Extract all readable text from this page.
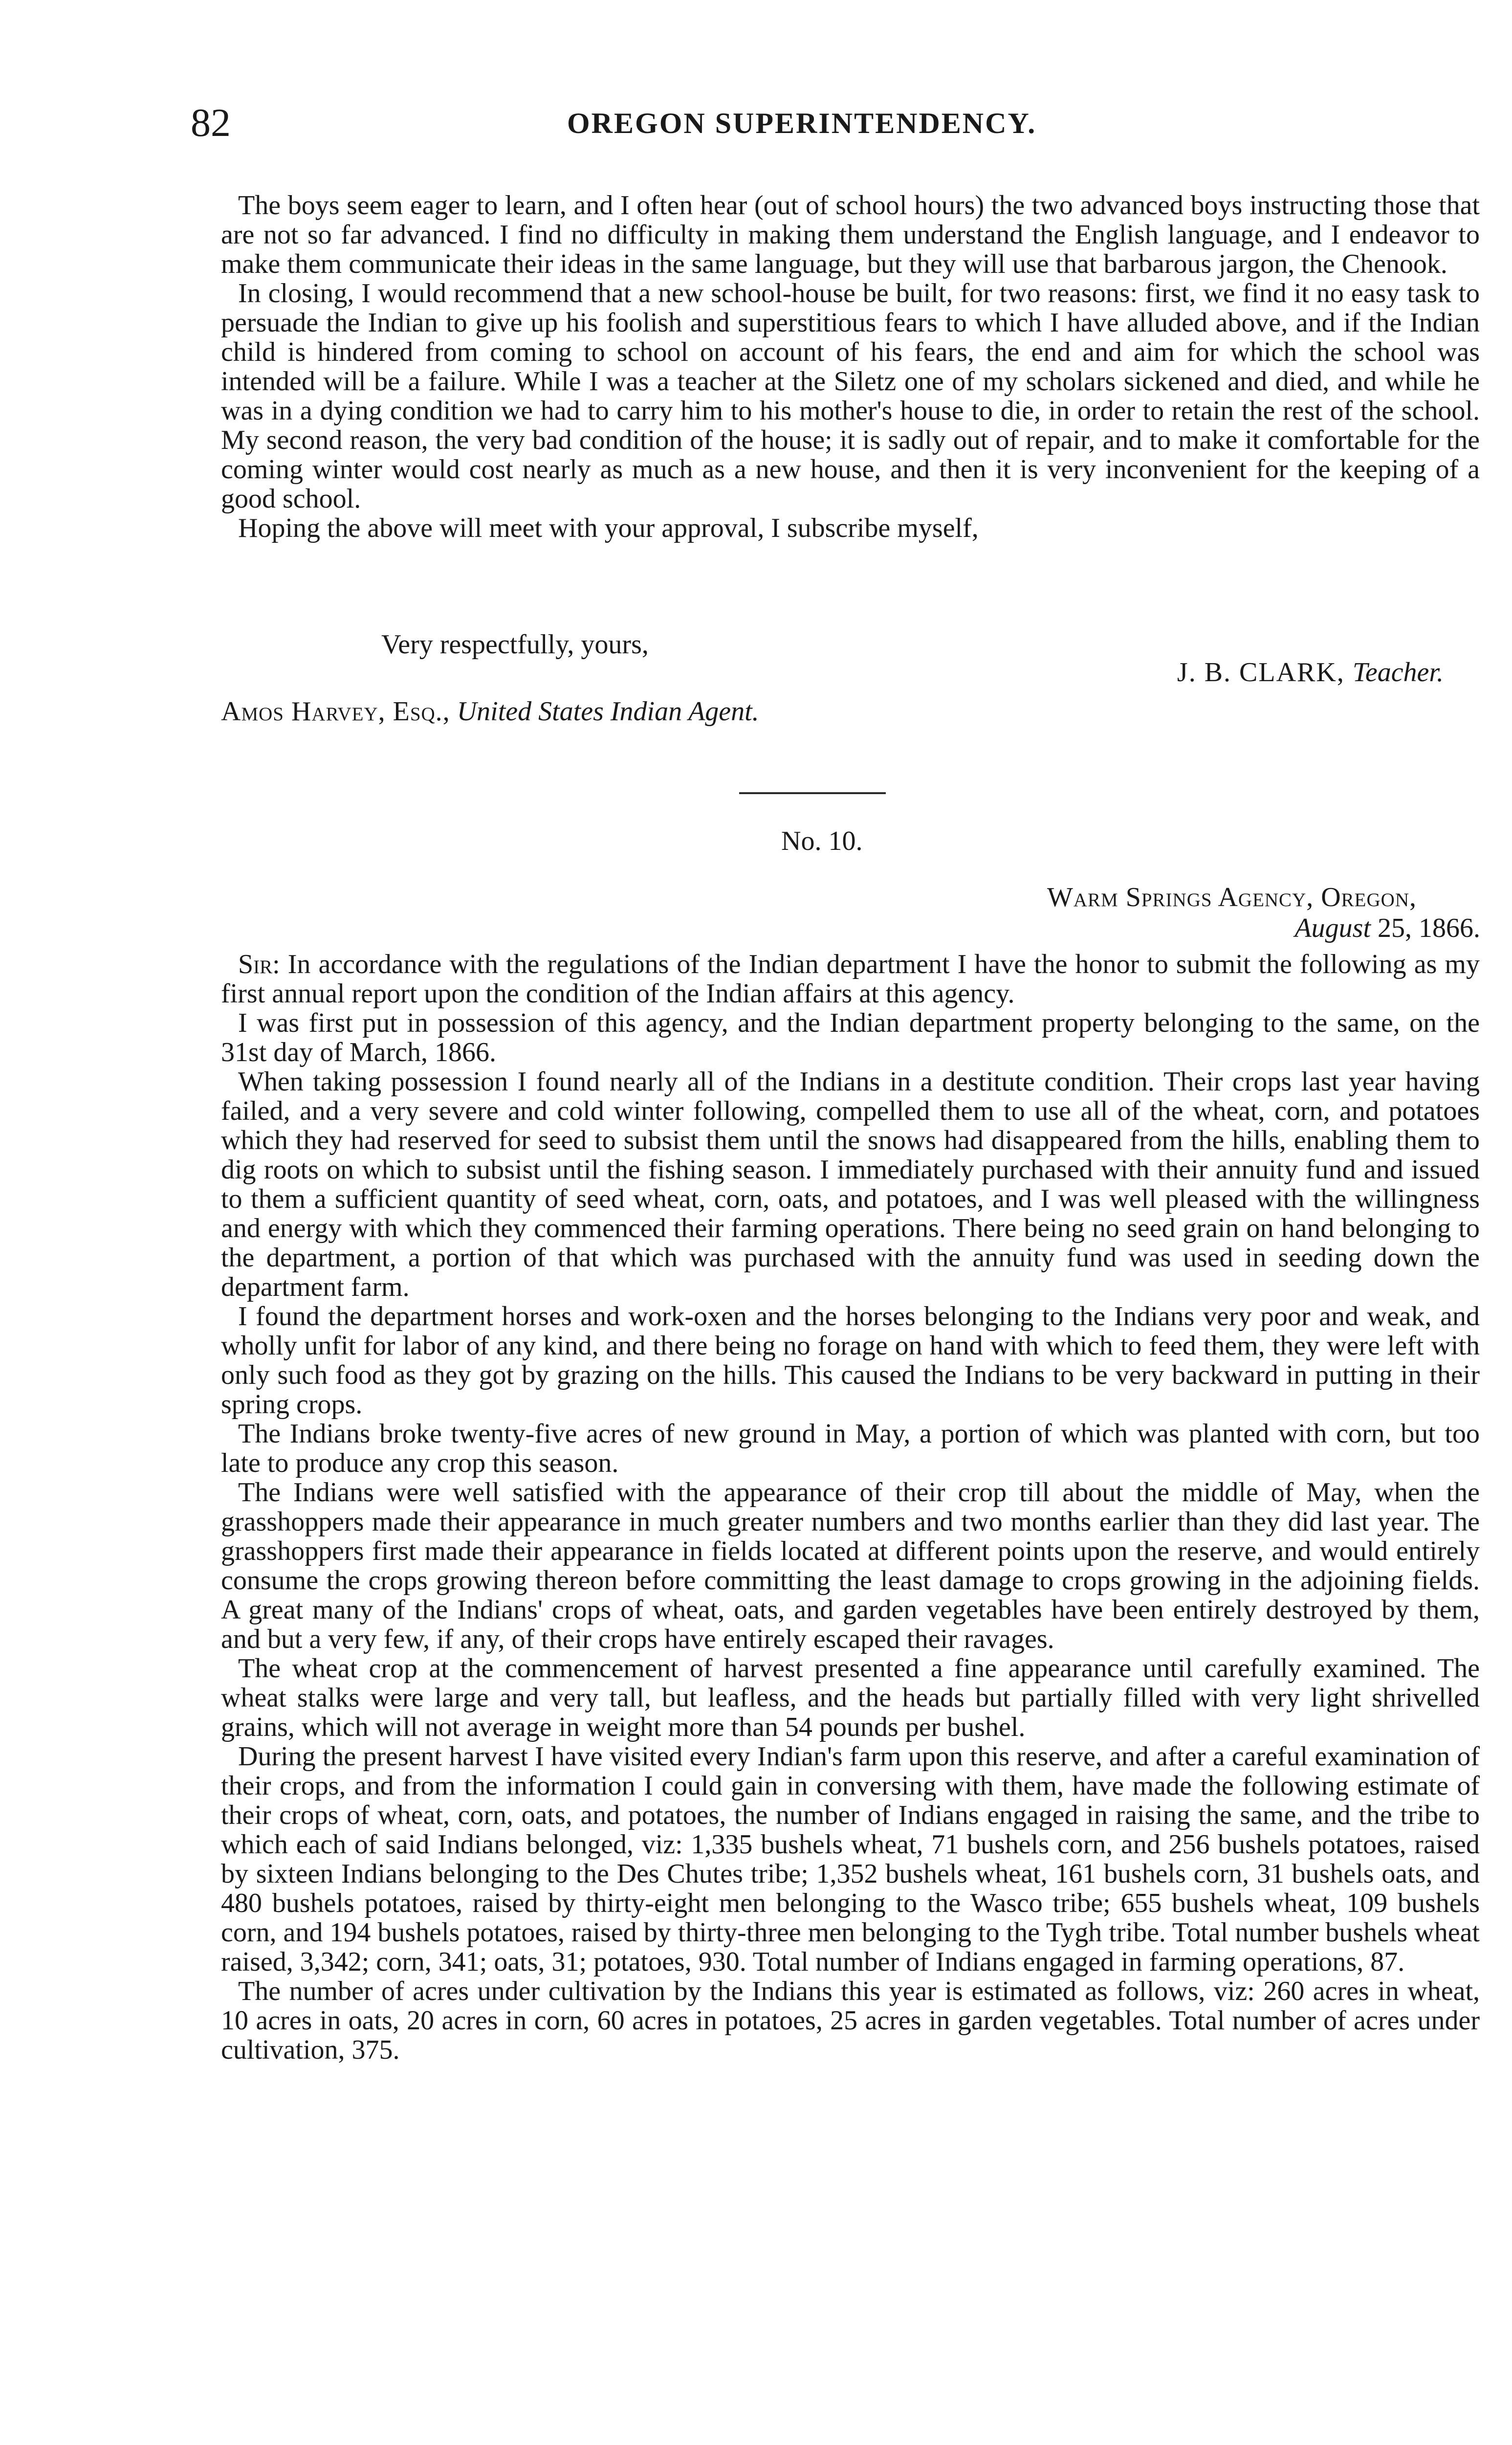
82	OREGON SUPERINTENDENCY.

The boys seem eager to learn, and I often hear (out of school hours) the two advanced boys instructing those that are not so far advanced. I find no difficulty in making them understand the English language, and I endeavor to make them communicate their ideas in the same language, but they will use that barbarous jargon, the Chenook.

In closing, I would recommend that a new school-house be built, for two reasons: first, we find it no easy task to persuade the Indian to give up his foolish and superstitious fears to which I have alluded above, and if the Indian child is hindered from coming to school on account of his fears, the end and aim for which the school was intended will be a failure. While I was a teacher at the Siletz one of my scholars sickened and died, and while he was in a dying condition we had to carry him to his mother's house to die, in order to retain the rest of the school. My second reason, the very bad condition of the house; it is sadly out of repair, and to make it comfortable for the coming winter would cost nearly as much as a new house, and then it is very inconvenient for the keeping of a good school.

Hoping the above will meet with your approval, I subscribe myself,

Very respectfully, yours,
J. B. CLARK, Teacher.
Amos Harvey, Esq., United States Indian Agent.
No. 10.
Warm Springs Agency, Oregon,
August 25, 1866.

Sir: In accordance with the regulations of the Indian department I have the honor to submit the following as my first annual report upon the condition of the Indian affairs at this agency.

I was first put in possession of this agency, and the Indian department property belonging to the same, on the 31st day of March, 1866.

When taking possession I found nearly all of the Indians in a destitute condition. Their crops last year having failed, and a very severe and cold winter following, compelled them to use all of the wheat, corn, and potatoes which they had reserved for seed to subsist them until the snows had disappeared from the hills, enabling them to dig roots on which to subsist until the fishing season. I immediately purchased with their annuity fund and issued to them a sufficient quantity of seed wheat, corn, oats, and potatoes, and I was well pleased with the willingness and energy with which they commenced their farming operations. There being no seed grain on hand belonging to the department, a portion of that which was purchased with the annuity fund was used in seeding down the department farm.

I found the department horses and work-oxen and the horses belonging to the Indians very poor and weak, and wholly unfit for labor of any kind, and there being no forage on hand with which to feed them, they were left with only such food as they got by grazing on the hills. This caused the Indians to be very backward in putting in their spring crops.

The Indians broke twenty-five acres of new ground in May, a portion of which was planted with corn, but too late to produce any crop this season.

The Indians were well satisfied with the appearance of their crop till about the middle of May, when the grasshoppers made their appearance in much greater numbers and two months earlier than they did last year. The grasshoppers first made their appearance in fields located at different points upon the reserve, and would entirely consume the crops growing thereon before committing the least damage to crops growing in the adjoining fields. A great many of the Indians' crops of wheat, oats, and garden vegetables have been entirely destroyed by them, and but a very few, if any, of their crops have entirely escaped their ravages.

The wheat crop at the commencement of harvest presented a fine appearance until carefully examined. The wheat stalks were large and very tall, but leafless, and the heads but partially filled with very light shrivelled grains, which will not average in weight more than 54 pounds per bushel.

During the present harvest I have visited every Indian's farm upon this reserve, and after a careful examination of their crops, and from the information I could gain in conversing with them, have made the following estimate of their crops of wheat, corn, oats, and potatoes, the number of Indians engaged in raising the same, and the tribe to which each of said Indians belonged, viz: 1,335 bushels wheat, 71 bushels corn, and 256 bushels potatoes, raised by sixteen Indians belonging to the Des Chutes tribe; 1,352 bushels wheat, 161 bushels corn, 31 bushels oats, and 480 bushels potatoes, raised by thirty-eight men belonging to the Wasco tribe; 655 bushels wheat, 109 bushels corn, and 194 bushels potatoes, raised by thirty-three men belonging to the Tygh tribe. Total number bushels wheat raised, 3,342; corn, 341; oats, 31; potatoes, 930. Total number of Indians engaged in farming operations, 87.

The number of acres under cultivation by the Indians this year is estimated as follows, viz: 260 acres in wheat, 10 acres in oats, 20 acres in corn, 60 acres in potatoes, 25 acres in garden vegetables. Total number of acres under cultivation, 375.
